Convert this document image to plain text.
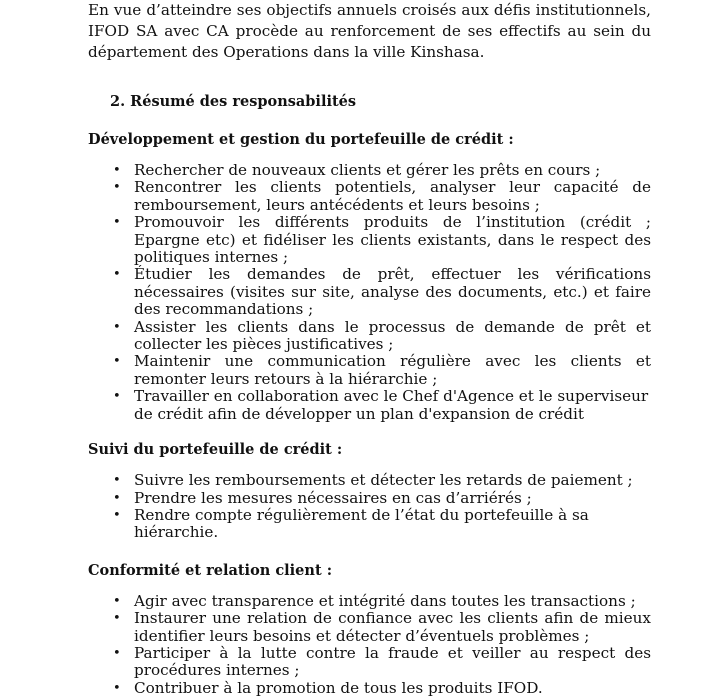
En vue d’atteindre ses objectifs annuels croisés aux défis institutionnels, IFOD SA avec CA procède au renforcement de ses effectifs au sein du département des Operations dans la ville Kinshasa.

2. Résumé des responsabilités
Développement et gestion du portefeuille de crédit :
• Rechercher de nouveaux clients et gérer les prêts en cours ;
• Rencontrer les clients potentiels, analyser leur capacité de remboursement, leurs antécédents et leurs besoins ;
• Promouvoir les différents produits de l’institution (crédit ; Epargne etc) et fidéliser les clients existants, dans le respect des politiques internes ;
• Étudier les demandes de prêt, effectuer les vérifications nécessaires (visites sur site, analyse des documents, etc.) et faire des recommandations ;
• Assister les clients dans le processus de demande de prêt et collecter les pièces justificatives ;
• Maintenir une communication régulière avec les clients et remonter leurs retours à la hiérarchie ;
• Travailler en collaboration avec le Chef d'Agence et le superviseur de crédit afin de développer un plan d'expansion de crédit
Suivi du portefeuille de crédit :
• Suivre les remboursements et détecter les retards de paiement ;
• Prendre les mesures nécessaires en cas d’arriérés ;
• Rendre compte régulièrement de l’état du portefeuille à sa hiérarchie.
Conformité et relation client :
• Agir avec transparence et intégrité dans toutes les transactions ;
• Instaurer une relation de confiance avec les clients afin de mieux identifier leurs besoins et détecter d’éventuels problèmes ;
• Participer à la lutte contre la fraude et veiller au respect des procédures internes ;
• Contribuer à la promotion de tous les produits IFOD.
